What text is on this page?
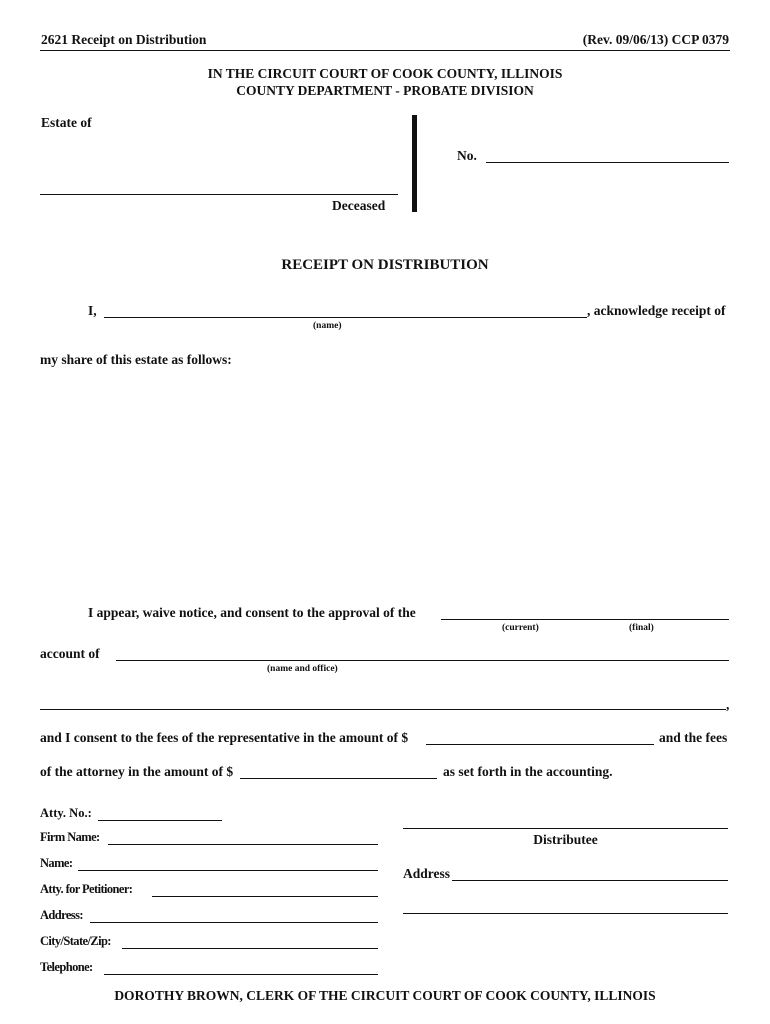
2621 Receipt on Distribution	(Rev. 09/06/13) CCP 0379
IN THE CIRCUIT COURT OF COOK COUNTY, ILLINOIS
COUNTY DEPARTMENT - PROBATE DIVISION
Estate of
Deceased
No.
RECEIPT ON DISTRIBUTION
I,	, acknowledge receipt of
(name)
my share of this estate as follows:
I appear, waive notice, and consent to the approval of the
(current)	(final)
account of
(name and office)
,
and I consent to the fees of the representative in the amount of $	and the fees
of the attorney in the amount of $	as set forth in the accounting.
Atty. No.:
Firm Name:
Name:
Atty. for Petitioner:
Address:
City/State/Zip:
Telephone:
Distributee
Address
DOROTHY BROWN, CLERK OF THE CIRCUIT COURT OF COOK COUNTY, ILLINOIS
